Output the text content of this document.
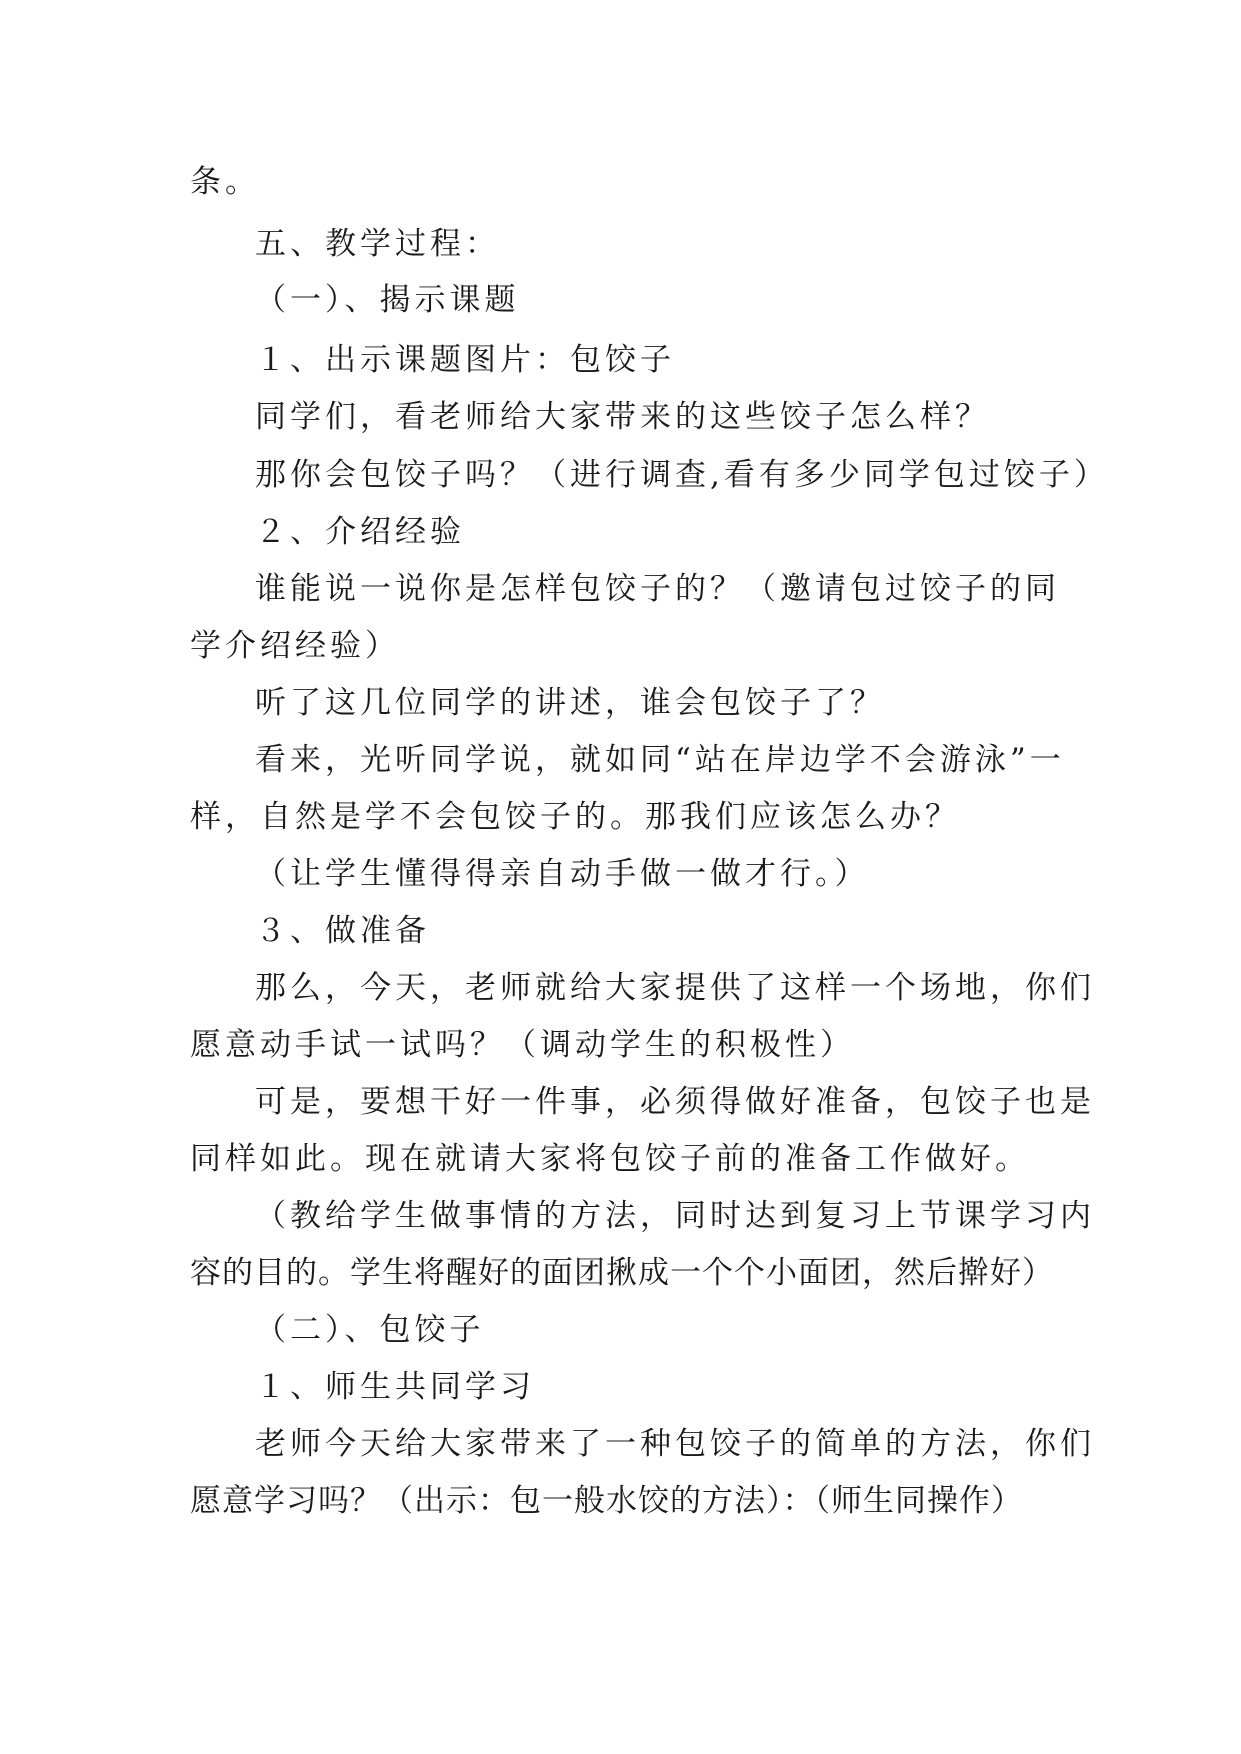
条。
五、教学过程：
（一）、揭示课题
１、出示课题图片：包饺子
同学们，看老师给大家带来的这些饺子怎么样？
那你会包饺子吗？（进行调查,看有多少同学包过饺子）
２、介绍经验
谁能说一说你是怎样包饺子的？（邀请包过饺子的同
学介绍经验）
听了这几位同学的讲述，谁会包饺子了？
看来，光听同学说，就如同“站在岸边学不会游泳”一
样，自然是学不会包饺子的。那我们应该怎么办？
（让学生懂得得亲自动手做一做才行。）
３、做准备
那么，今天，老师就给大家提供了这样一个场地，你们
愿意动手试一试吗？（调动学生的积极性）
可是，要想干好一件事，必须得做好准备，包饺子也是
同样如此。现在就请大家将包饺子前的准备工作做好。
（教给学生做事情的方法，同时达到复习上节课学习内
容的目的。学生将醒好的面团揪成一个个小面团，然后擀好）
（二）、包饺子
１、师生共同学习
老师今天给大家带来了一种包饺子的简单的方法，你们
愿意学习吗？（出示：包一般水饺的方法）：（师生同操作）
